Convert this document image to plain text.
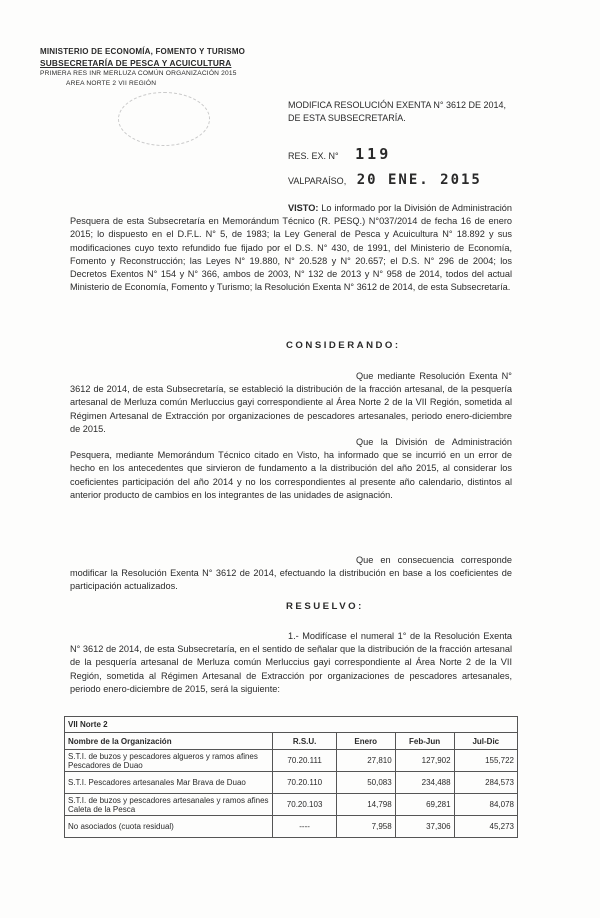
MINISTERIO DE ECONOMÍA, FOMENTO Y TURISMO
SUBSECRETARÍA DE PESCA Y ACUICULTURA
PRIMERA RES INR MERLUZA COMÚN ORGANIZACIÓN 2015
AREA NORTE 2 VII REGIÓN
MODIFICA RESOLUCIÓN EXENTA N° 3612 DE 2014,
DE ESTA SUBSECRETARÍA.
RES. EX. N° 119
VALPARAÍSO, 20 ENE. 2015
VISTO: Lo informado por la División de Administración Pesquera de esta Subsecretaría en Memorándum Técnico (R. PESQ.) N°037/2014 de fecha 16 de enero 2015; lo dispuesto en el D.F.L. N° 5, de 1983; la Ley General de Pesca y Acuicultura N° 18.892 y sus modificaciones cuyo texto refundido fue fijado por el D.S. N° 430, de 1991, del Ministerio de Economía, Fomento y Reconstrucción; las Leyes N° 19.880, N° 20.528 y N° 20.657; el D.S. N° 296 de 2004; los Decretos Exentos N° 154 y N° 366, ambos de 2003, N° 132 de 2013 y N° 958 de 2014, todos del actual Ministerio de Economía, Fomento y Turismo; la Resolución Exenta N° 3612 de 2014, de esta Subsecretaría.
CONSIDERANDO:
Que mediante Resolución Exenta N° 3612 de 2014, de esta Subsecretaría, se estableció la distribución de la fracción artesanal, de la pesquería artesanal de Merluza común Merluccius gayi correspondiente al Área Norte 2 de la VII Región, sometida al Régimen Artesanal de Extracción por organizaciones de pescadores artesanales, periodo enero-diciembre de 2015.
Que la División de Administración Pesquera, mediante Memorándum Técnico citado en Visto, ha informado que se incurrió en un error de hecho en los antecedentes que sirvieron de fundamento a la distribución del año 2015, al considerar los coeficientes participación del año 2014 y no los correspondientes al presente año calendario, distintos al anterior producto de cambios en los integrantes de las unidades de asignación.
Que en consecuencia corresponde modificar la Resolución Exenta N° 3612 de 2014, efectuando la distribución en base a los coeficientes de participación actualizados.
RESUELVO:
1.- Modifícase el numeral 1° de la Resolución Exenta N° 3612 de 2014, de esta Subsecretaría, en el sentido de señalar que la distribución de la fracción artesanal de la pesquería artesanal de Merluza común Merluccius gayi correspondiente al Área Norte 2 de la VII Región, sometida al Régimen Artesanal de Extracción por organizaciones de pescadores artesanales, periodo enero-diciembre de 2015, será la siguiente:
VII Norte 2				
Nombre de la Organización	R.S.U.	Enero	Feb-Jun	Jul-Dic
S.T.I. de buzos y pescadores algueros y ramos afines Pescadores de Duao	70.20.111	27,810	127,902	155,722
S.T.I. Pescadores artesanales Mar Brava de Duao	70.20.110	50,083	234,488	284,573
S.T.I. de buzos y pescadores artesanales y ramos afines Caleta de la Pesca	70.20.103	14,798	69,281	84,078
No asociados (cuota residual)	----	7,958	37,306	45,273
